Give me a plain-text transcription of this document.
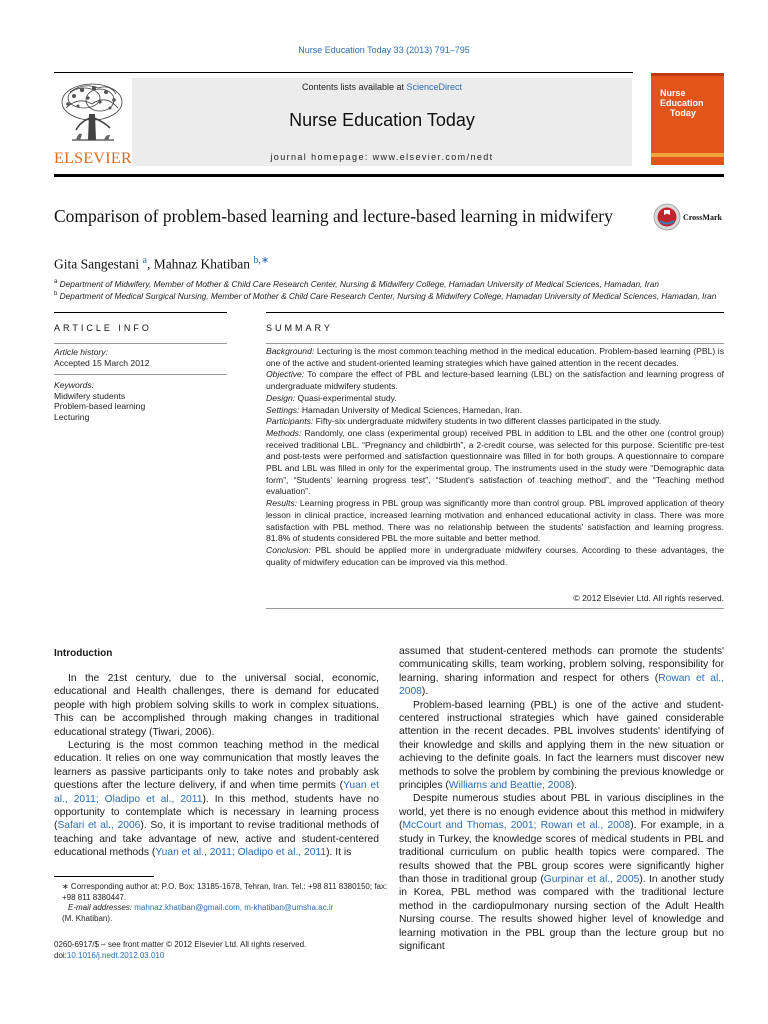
Nurse Education Today 33 (2013) 791–795
ELSEVIER
Contents lists available at ScienceDirect
Nurse Education Today
journal homepage: www.elsevier.com/nedt
Nurse
Education
Today
Comparison of problem-based learning and lecture-based learning in midwifery	CrossMark
Gita Sangestani $^a$, Mahnaz Khatiban $^{b,∗}$
$^a$ Department of Midwifery, Member of Mother & Child Care Research Center, Nursing & Midwifery College, Hamadan University of Medical Sciences, Hamadan, Iran
$^b$ Department of Medical Surgical Nursing, Member of Mother & Child Care Research Center, Nursing & Midwifery College, Hamadan University of Medical Sciences, Hamadan, Iran
ARTICLE INFO
Article history:
Accepted 15 March 2012
Keywords:
Midwifery students
Problem-based learning
Lecturing
SUMMARY

Background: Lecturing is the most common teaching method in the medical education. Problem-based learning (PBL) is one of the active and student-oriented learning strategies which have gained attention in the recent decades.

Objective: To compare the effect of PBL and lecture-based learning (LBL) on the satisfaction and learning progress of undergraduate midwifery students.

Design: Quasi-experimental study.

Settings: Hamadan University of Medical Sciences, Hamedan, Iran.

Participants: Fifty-six undergraduate midwifery students in two different classes participated in the study.

Methods: Randomly, one class (experimental group) received PBL in addition to LBL and the other one (control group) received traditional LBL. “Pregnancy and childbirth”, a 2-credit course, was selected for this purpose. Scientific pre-test and post-tests were performed and satisfaction questionnaire was filled in for both groups. A questionnaire to compare PBL and LBL was filled in only for the experimental group. The instruments used in the study were “Demographic data form”, “Students' learning progress test”, “Student's satisfaction of teaching method”, and the “Teaching method evaluation”.

Results: Learning progress in PBL group was significantly more than control group. PBL improved application of theory lesson in clinical practice, increased learning motivation and enhanced educational activity in class. There was more satisfaction with PBL method. There was no relationship between the students' satisfaction and learning progress. 81.8% of students considered PBL the more suitable and better method.

Conclusion: PBL should be applied more in undergraduate midwifery courses. According to these advantages, the quality of midwifery education can be improved via this method.

© 2012 Elsevier Ltd. All rights reserved.
Introduction

In the 21st century, due to the universal social, economic, educational and Health challenges, there is demand for educated people with high problem solving skills to work in complex situations. This can be accomplished through making changes in traditional educational strategy (Tiwari, 2006).

Lecturing is the most common teaching method in the medical education. It relies on one way communication that mostly leaves the learners as passive participants only to take notes and probably ask questions after the lecture delivery, if and when time permits (Yuan et al., 2011; Oladipo et al., 2011). In this method, students have no opportunity to contemplate which is necessary in learning process (Safari et al., 2006). So, it is important to revise traditional methods of teaching and take advantage of new, active and student-centered educational methods (Yuan et al., 2011; Oladipo et al., 2011). It is

assumed that student-centered methods can promote the students' communicating skills, team working, problem solving, responsibility for learning, sharing information and respect for others (Rowan et al., 2008).

Problem-based learning (PBL) is one of the active and student-centered instructional strategies which have gained considerable attention in the recent decades. PBL involves students' identifying of their knowledge and skills and applying them in the new situation or achieving to the definite goals. In fact the learners must discover new methods to solve the problem by combining the previous knowledge or principles (Williams and Beattie, 2008).

Despite numerous studies about PBL in various disciplines in the world, yet there is no enough evidence about this method in midwifery (McCourt and Thomas, 2001; Rowan et al., 2008). For example, in a study in Turkey, the knowledge scores of medical students in PBL and traditional curriculum on public health topics were compared. The results showed that the PBL group scores were significantly higher than those in traditional group (Gurpinar et al., 2005). In another study in Korea, PBL method was compared with the traditional lecture method in the cardiopulmonary nursing section of the Adult Health Nursing course. The results showed higher level of knowledge and learning motivation in the PBL group than the lecture group but no significant

∗ Corresponding author at: P.O. Box: 13185-1678, Tehran, Iran. Tel.: +98 811 8380150; fax: +98 811 8380447.
E-mail addresses: mahnaz.khatiban@gmail.com, m-khatiban@umsha.ac.ir
(M. Khatiban).
0260-6917/$ – see front matter © 2012 Elsevier Ltd. All rights reserved.
doi:10.1016/j.nedt.2012.03.010
